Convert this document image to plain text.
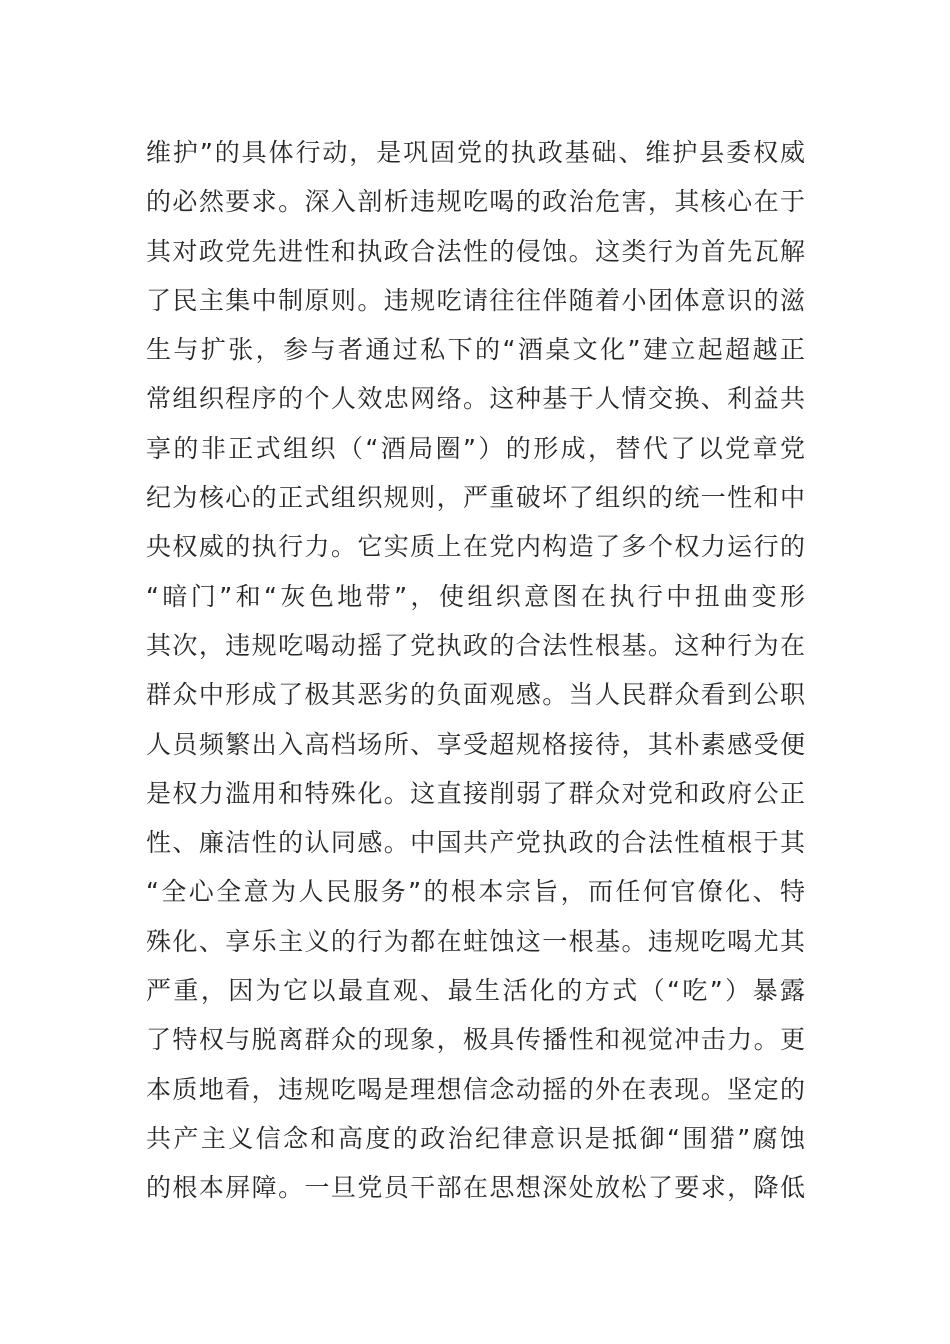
维护”的具体行动，是巩固党的执政基础、维护县委权威
的必然要求。深入剖析违规吃喝的政治危害，其核心在于
其对政党先进性和执政合法性的侵蚀。这类行为首先瓦解
了民主集中制原则。违规吃请往往伴随着小团体意识的滋
生与扩张，参与者通过私下的“酒桌文化”建立起超越正
常组织程序的个人效忠网络。这种基于人情交换、利益共
享的非正式组织（“酒局圈”）的形成，替代了以党章党
纪为核心的正式组织规则，严重破坏了组织的统一性和中
央权威的执行力。它实质上在党内构造了多个权力运行的
“暗门”和“灰色地带”，使组织意图在执行中扭曲变形
其次，违规吃喝动摇了党执政的合法性根基。这种行为在
群众中形成了极其恶劣的负面观感。当人民群众看到公职
人员频繁出入高档场所、享受超规格接待，其朴素感受便
是权力滥用和特殊化。这直接削弱了群众对党和政府公正
性、廉洁性的认同感。中国共产党执政的合法性植根于其
“全心全意为人民服务”的根本宗旨，而任何官僚化、特
殊化、享乐主义的行为都在蛀蚀这一根基。违规吃喝尤其
严重，因为它以最直观、最生活化的方式（“吃”）暴露
了特权与脱离群众的现象，极具传播性和视觉冲击力。更
本质地看，违规吃喝是理想信念动摇的外在表现。坚定的
共产主义信念和高度的政治纪律意识是抵御“围猎”腐蚀
的根本屏障。一旦党员干部在思想深处放松了要求，降低
